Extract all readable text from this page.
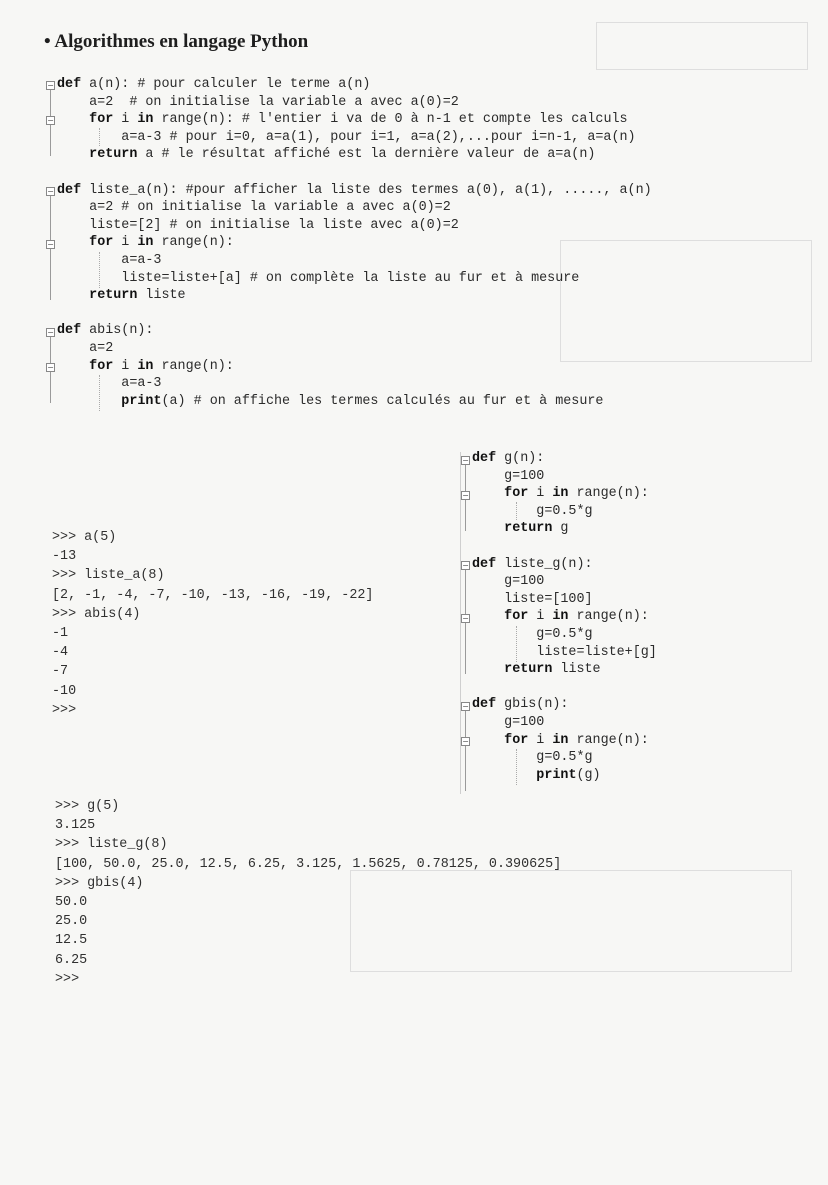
• Algorithmes en langage Python
−
−
−
−
−
−
def a(n): # pour calculer le terme a(n)
a=2  # on initialise la variable a avec a(0)=2
for i in range(n): # l'entier i va de 0 à n-1 et compte les calculs
a=a-3 # pour i=0, a=a(1), pour i=1, a=a(2),...pour i=n-1, a=a(n)
return a # le résultat affiché est la dernière valeur de a=a(n)
def liste_a(n): #pour afficher la liste des termes a(0), a(1), ....., a(n)
a=2 # on initialise la variable a avec a(0)=2
liste=[2] # on initialise la liste avec a(0)=2
for i in range(n):
a=a-3
liste=liste+[a] # on complète la liste au fur et à mesure
return liste
def abis(n):
a=2
for i in range(n):
a=a-3
print(a) # on affiche les termes calculés au fur et à mesure
−
−
−
−
−
−
def g(n):
g=100
for i in range(n):
g=0.5*g
return g
def liste_g(n):
g=100
liste=[100]
for i in range(n):
g=0.5*g
liste=liste+[g]
return liste
def gbis(n):
g=100
for i in range(n):
g=0.5*g
print(g)
>>> a(5)
-13
>>> liste_a(8)
[2, -1, -4, -7, -10, -13, -16, -19, -22]
>>> abis(4)
-1
-4
-7
-10
>>>
>>> g(5)
3.125
>>> liste_g(8)
[100, 50.0, 25.0, 12.5, 6.25, 3.125, 1.5625, 0.78125, 0.390625]
>>> gbis(4)
50.0
25.0
12.5
6.25
>>>
